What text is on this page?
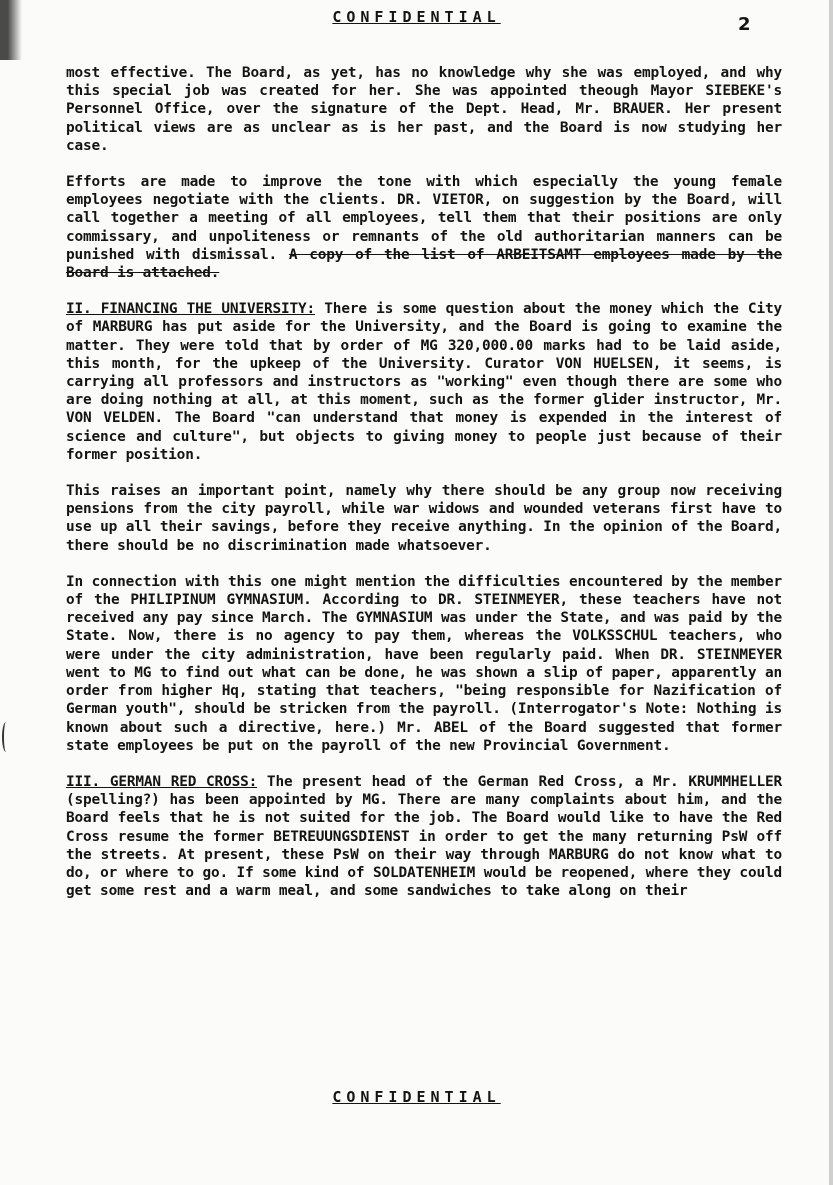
CONFIDENTIAL	2

most effective. The Board, as yet, has no knowledge why she was employed, and why this special job was created for her. She was appointed theough Mayor SIEBEKE's Personnel Office, over the signature of the Dept. Head, Mr. BRAUER. Her present political views are as unclear as is her past, and the Board is now studying her case.

Efforts are made to improve the tone with which especially the young female employees negotiate with the clients. DR. VIETOR, on suggestion by the Board, will call together a meeting of all employees, tell them that their positions are only commissary, and unpoliteness or remnants of the old authoritarian manners can be punished with dismissal. A copy of the list of ARBEITSAMT employees made by the Board is attached.

II. FINANCING THE UNIVERSITY: There is some question about the money which the City of MARBURG has put aside for the University, and the Board is going to examine the matter. They were told that by order of MG 320,000.00 marks had to be laid aside, this month, for the upkeep of the University. Curator VON HUELSEN, it seems, is carrying all professors and instructors as "working" even though there are some who are doing nothing at all, at this moment, such as the former glider instructor, Mr. VON VELDEN. The Board "can understand that money is expended in the interest of science and culture", but objects to giving money to people just because of their former position.

This raises an important point, namely why there should be any group now receiving pensions from the city payroll, while war widows and wounded veterans first have to use up all their savings, before they receive anything. In the opinion of the Board, there should be no discrimination made whatsoever.

In connection with this one might mention the difficulties encountered by the member of the PHILIPINUM GYMNASIUM. According to DR. STEINMEYER, these teachers have not received any pay since March. The GYMNASIUM was under the State, and was paid by the State. Now, there is no agency to pay them, whereas the VOLKSSCHUL teachers, who were under the city administration, have been regularly paid. When DR. STEINMEYER went to MG to find out what can be done, he was shown a slip of paper, apparently an order from higher Hq, stating that teachers, "being responsible for Nazification of German youth", should be stricken from the payroll. (Interrogator's Note: Nothing is known about such a directive, here.) Mr. ABEL of the Board suggested that former state employees be put on the payroll of the new Provincial Government.

III. GERMAN RED CROSS: The present head of the German Red Cross, a Mr. KRUMMHELLER (spelling?) has been appointed by MG. There are many complaints about him, and the Board feels that he is not suited for the job. The Board would like to have the Red Cross resume the former BETREUUNGSDIENST in order to get the many returning PsW off the streets. At present, these PsW on their way through MARBURG do not know what to do, or where to go. If some kind of SOLDATENHEIM would be reopened, where they could get some rest and a warm meal, and some sandwiches to take along on their

CONFIDENTIAL
